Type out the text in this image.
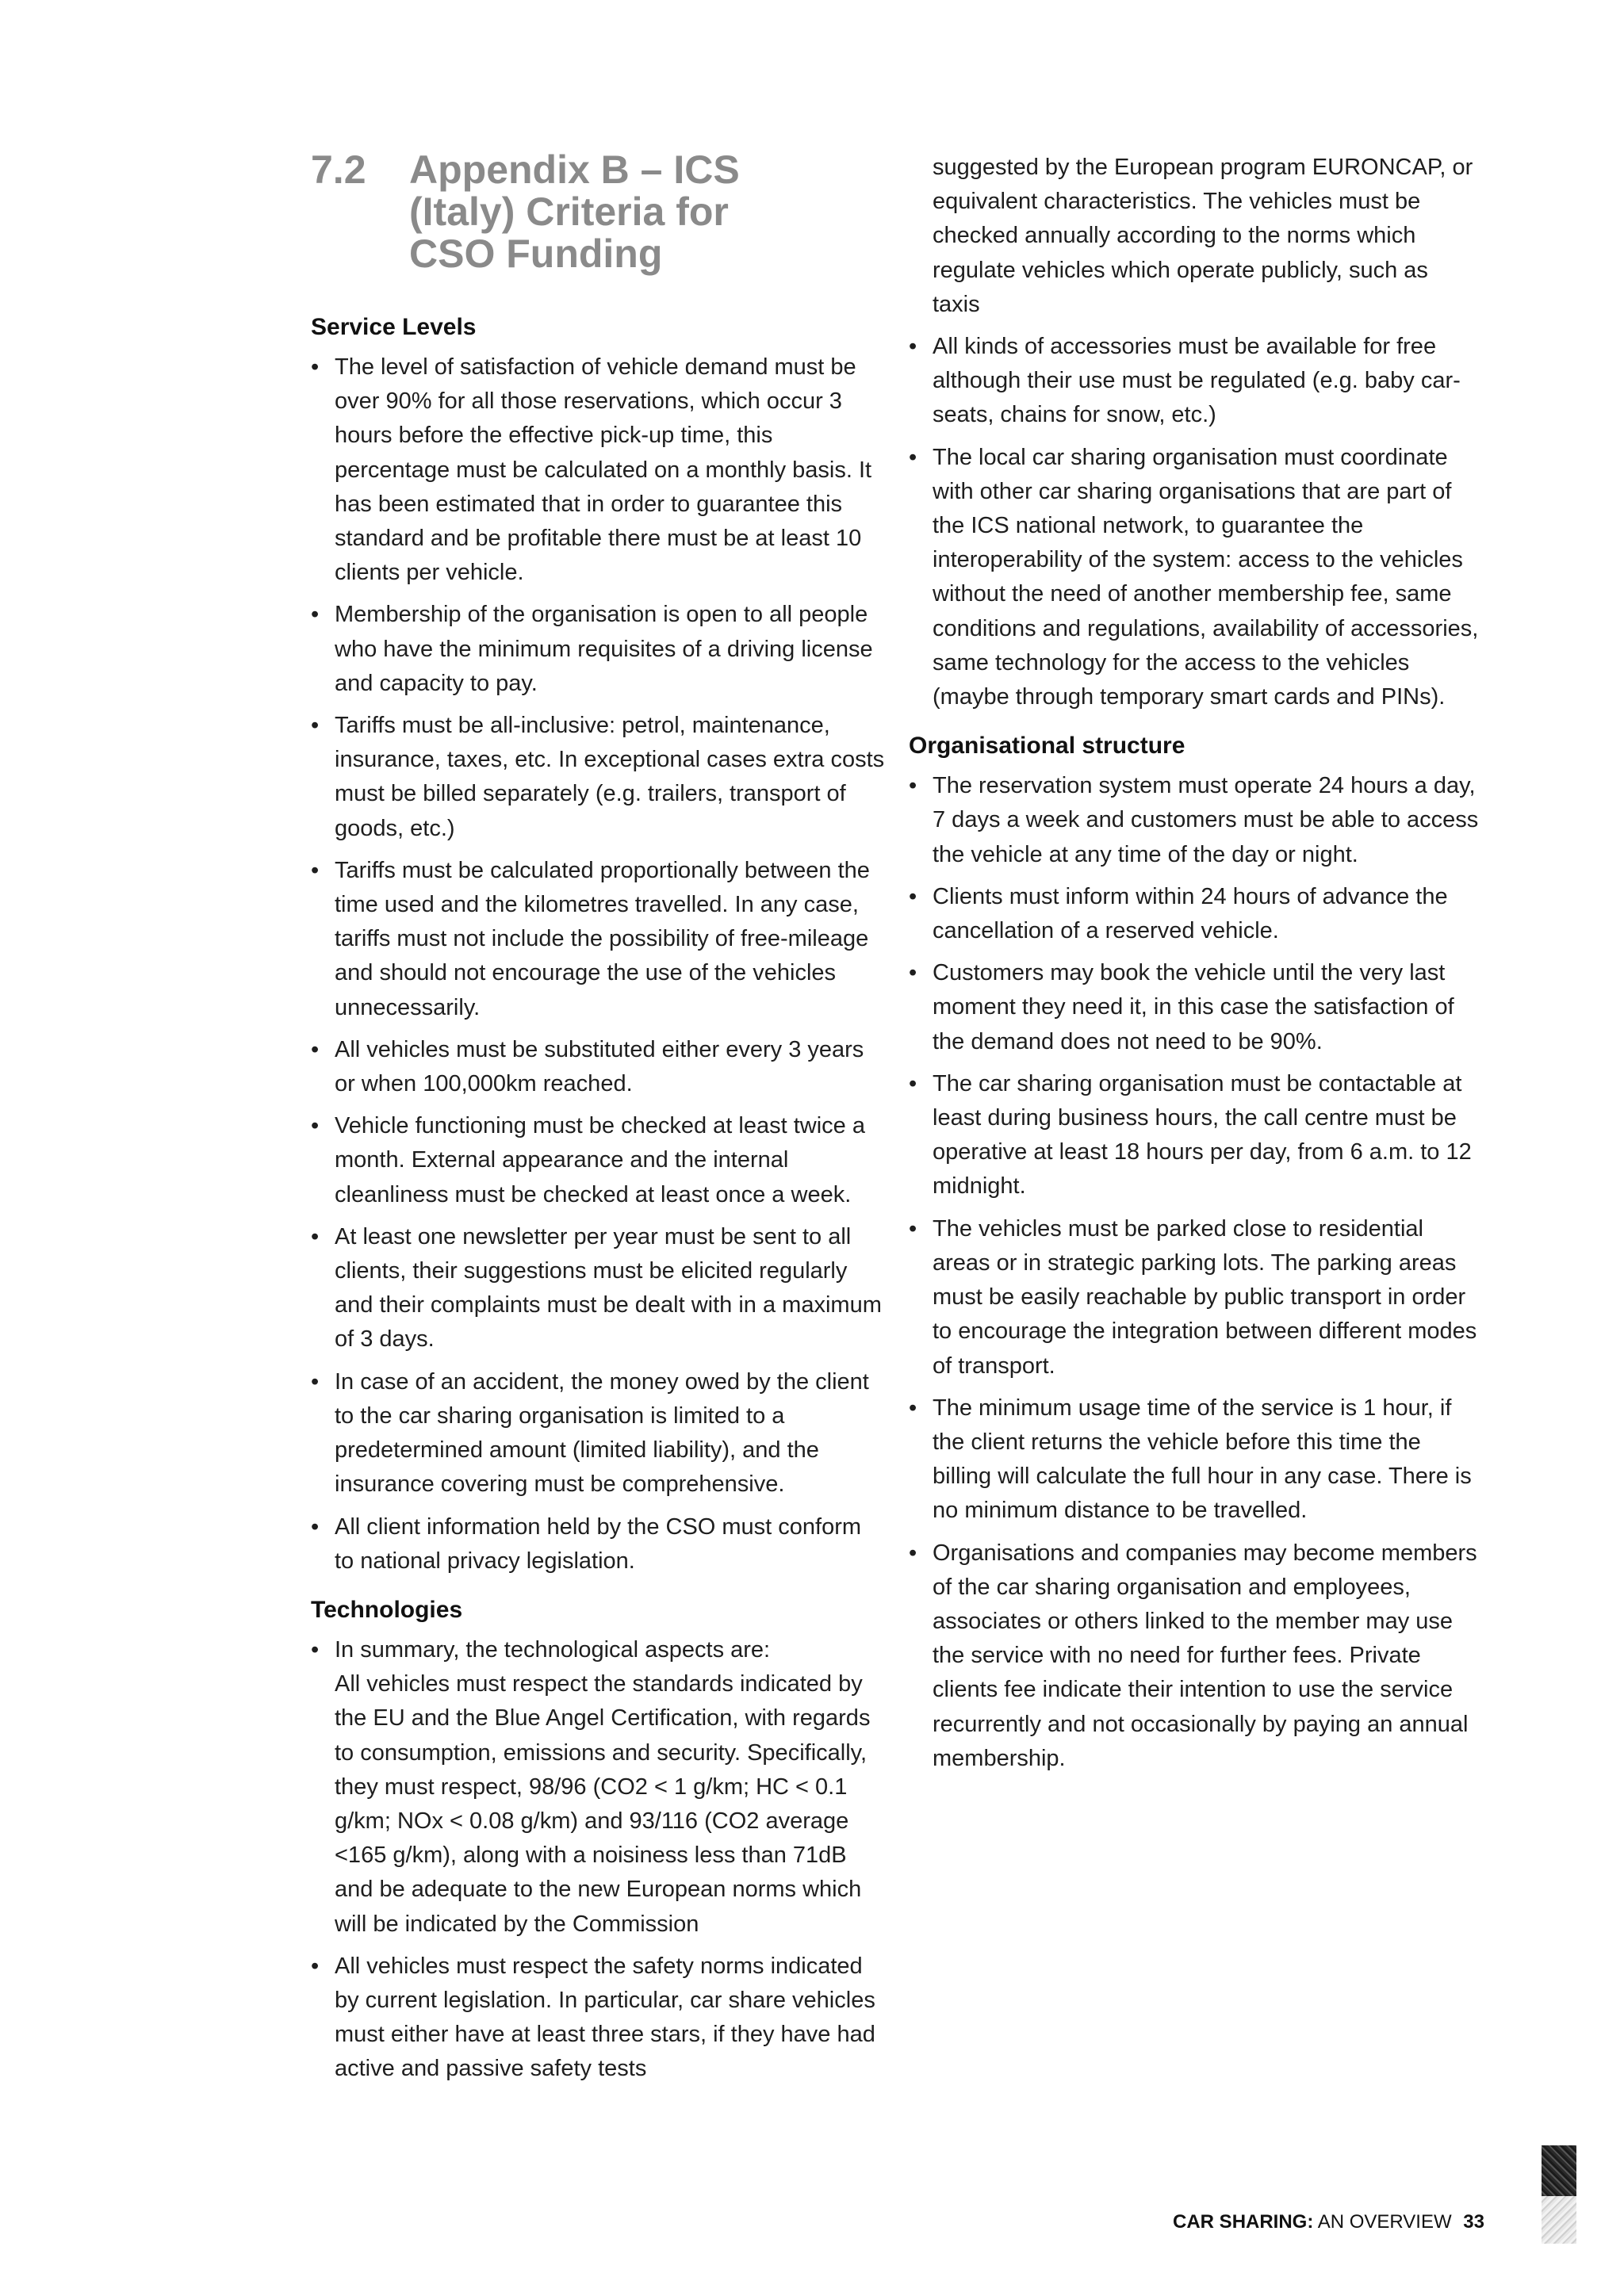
7.2	Appendix B – ICS
(Italy) Criteria for
CSO Funding
Service Levels
• The level of satisfaction of vehicle demand must be over 90% for all those reservations, which occur 3 hours before the effective pick-up time, this percentage must be calculated on a monthly basis. It has been estimated that in order to guarantee this standard and be profitable there must be at least 10 clients per vehicle.
• Membership of the organisation is open to all people who have the minimum requisites of a driving license and capacity to pay.
• Tariffs must be all-inclusive: petrol, maintenance, insurance, taxes, etc. In exceptional cases extra costs must be billed separately (e.g. trailers, transport of goods, etc.)
• Tariffs must be calculated proportionally between the time used and the kilometres travelled. In any case, tariffs must not include the possibility of free-mileage and should not encourage the use of the vehicles unnecessarily.
• All vehicles must be substituted either every 3 years or when 100,000km reached.
• Vehicle functioning must be checked at least twice a month. External appearance and the internal cleanliness must be checked at least once a week.
• At least one newsletter per year must be sent to all clients, their suggestions must be elicited regularly and their complaints must be dealt with in a maximum of 3 days.
• In case of an accident, the money owed by the client to the car sharing organisation is limited to a predetermined amount (limited liability), and the insurance covering must be comprehensive.
• All client information held by the CSO must conform to national privacy legislation.
Technologies
• In summary, the technological aspects are:
All vehicles must respect the standards indicated by the EU and the Blue Angel Certification, with regards to consumption, emissions and security. Specifically, they must respect, 98/96 (CO2 < 1 g/km; HC < 0.1 g/km; NOx < 0.08 g/km) and 93/116 (CO2 average <165 g/km), along with a noisiness less than 71dB and be adequate to the new European norms which will be indicated by the Commission
• All vehicles must respect the safety norms indicated by current legislation. In particular, car share vehicles must either have at least three stars, if they have had active and passive safety tests
suggested by the European program EURONCAP, or equivalent characteristics. The vehicles must be checked annually according to the norms which regulate vehicles which operate publicly, such as taxis
• All kinds of accessories must be available for free although their use must be regulated (e.g. baby car-seats, chains for snow, etc.)
• The local car sharing organisation must coordinate with other car sharing organisations that are part of the ICS national network, to guarantee the interoperability of the system: access to the vehicles without the need of another membership fee, same conditions and regulations, availability of accessories, same technology for the access to the vehicles (maybe through temporary smart cards and PINs).
Organisational structure
• The reservation system must operate 24 hours a day, 7 days a week and customers must be able to access the vehicle at any time of the day or night.
• Clients must inform within 24 hours of advance the cancellation of a reserved vehicle.
• Customers may book the vehicle until the very last moment they need it, in this case the satisfaction of the demand does not need to be 90%.
• The car sharing organisation must be contactable at least during business hours, the call centre must be operative at least 18 hours per day, from 6 a.m. to 12 midnight.
• The vehicles must be parked close to residential areas or in strategic parking lots. The parking areas must be easily reachable by public transport in order to encourage the integration between different modes of transport.
• The minimum usage time of the service is 1 hour, if the client returns the vehicle before this time the billing will calculate the full hour in any case. There is no minimum distance to be travelled.
• Organisations and companies may become members of the car sharing organisation and employees, associates or others linked to the member may use the service with no need for further fees. Private clients fee indicate their intention to use the service recurrently and not occasionally by paying an annual membership.
CAR SHARING: AN OVERVIEW 33
